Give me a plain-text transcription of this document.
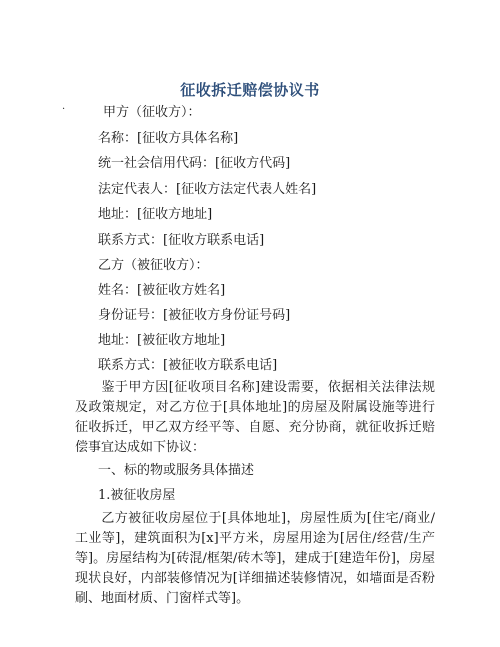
征收拆迁赔偿协议书
·	甲方（征收方）：
名称：[征收方具体名称]
统一社会信用代码：[征收方代码]
法定代表人：[征收方法定代表人姓名]
地址：[征收方地址]
联系方式：[征收方联系电话]
乙方（被征收方）：
姓名：[被征收方姓名]
身份证号：[被征收方身份证号码]
地址：[被征收方地址]
联系方式：[被征收方联系电话]
鉴于甲方因[征收项目名称]建设需要，依据相关法律法规及政策规定，对乙方位于[具体地址]的房屋及附属设施等进行征收拆迁，甲乙双方经平等、自愿、充分协商，就征收拆迁赔偿事宜达成如下协议：
一、标的物或服务具体描述
1.被征收房屋
乙方被征收房屋位于[具体地址]，房屋性质为[住宅/商业/工业等]，建筑面积为[x]平方米，房屋用途为[居住/经营/生产等]。房屋结构为[砖混/框架/砖木等]，建成于[建造年份]，房屋现状良好，内部装修情况为[详细描述装修情况，如墙面是否粉刷、地面材质、门窗样式等]。
